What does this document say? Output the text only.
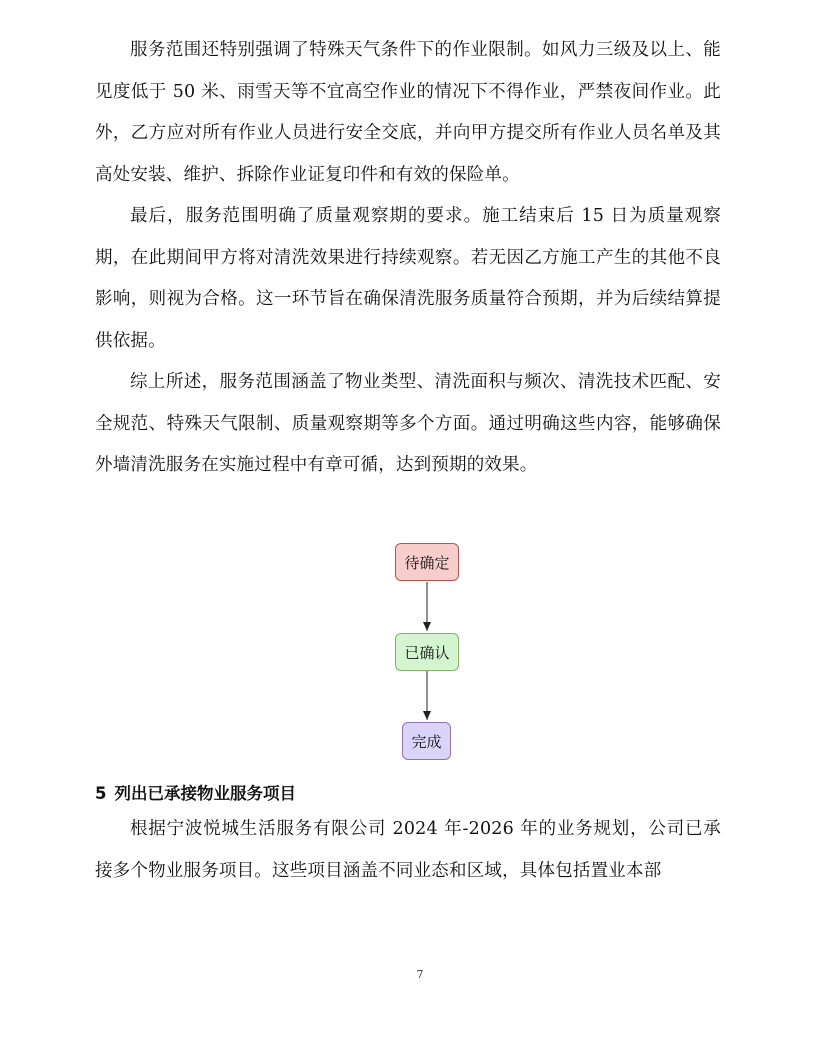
服务范围还特别强调了特殊天气条件下的作业限制。如风力三级及以上、能见度低于 50 米、雨雪天等不宜高空作业的情况下不得作业，严禁夜间作业。此外，乙方应对所有作业人员进行安全交底，并向甲方提交所有作业人员名单及其高处安装、维护、拆除作业证复印件和有效的保险单。

最后，服务范围明确了质量观察期的要求。施工结束后 15 日为质量观察期，在此期间甲方将对清洗效果进行持续观察。若无因乙方施工产生的其他不良影响，则视为合格。这一环节旨在确保清洗服务质量符合预期，并为后续结算提供依据。

综上所述，服务范围涵盖了物业类型、清洗面积与频次、清洗技术匹配、安全规范、特殊天气限制、质量观察期等多个方面。通过明确这些内容，能够确保外墙清洗服务在实施过程中有章可循，达到预期的效果。

待确定
已确认
完成
5 列出已承接物业服务项目

根据宁波悦城生活服务有限公司 2024 年-2026 年的业务规划，公司已承接多个物业服务项目。这些项目涵盖不同业态和区域，具体包括置业本部

7
